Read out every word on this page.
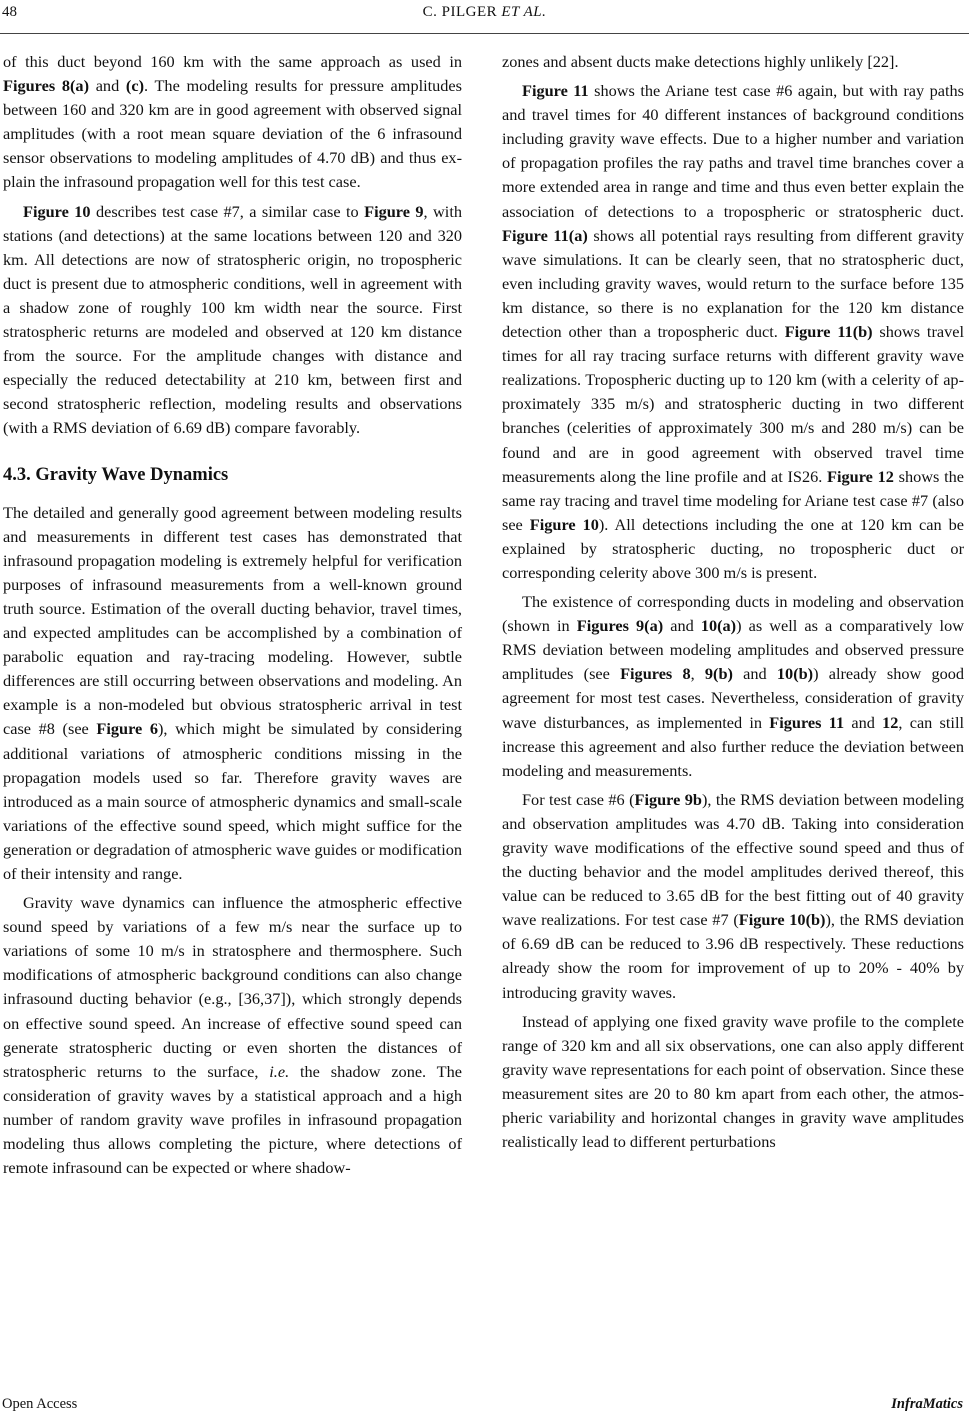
48	C. PILGER ET AL.

of this duct beyond 160 km with the same approach as used in Figures 8(a) and (c). The modeling results for pressure amplitudes between 160 and 320 km are in good agreement with observed signal amplitudes (with a root mean square deviation of the 6 infrasound sensor observations to modeling amplitudes of 4.70 dB) and thus explain the infrasound propagation well for this test case.

Figure 10 describes test case #7, a similar case to Figure 9, with stations (and detections) at the same locations between 120 and 320 km. All detections are now of stratospheric origin, no tropospheric duct is present due to atmospheric conditions, well in agreement with a shadow zone of roughly 100 km width near the source. First stratospheric returns are modeled and observed at 120 km distance from the source. For the amplitude changes with distance and especially the reduced detectability at 210 km, between first and second stratospheric reflection, modeling results and observations (with a RMS deviation of 6.69 dB) compare favorably.

4.3. Gravity Wave Dynamics

The detailed and generally good agreement between modeling results and measurements in different test cases has demonstrated that infrasound propagation modeling is extremely helpful for verification purposes of infrasound measurements from a well-known ground truth source. Estimation of the overall ducting behavior, travel times, and expected amplitudes can be accomplished by a combination of parabolic equation and ray-tracing modeling. However, subtle differences are still occurring between observations and modeling. An example is a non-modeled but obvious stratospheric arrival in test case #8 (see Figure 6), which might be simulated by considering additional variations of atmospheric conditions missing in the propagation models used so far. Therefore gravity waves are introduced as a main source of atmospheric dynamics and small-scale variations of the effective sound speed, which might suffice for the generation or degradation of atmospheric wave guides or modification of their intensity and range.

Gravity wave dynamics can influence the atmospheric effective sound speed by variations of a few m/s near the surface up to variations of some 10 m/s in stratosphere and thermosphere. Such modifications of atmospheric background conditions can also change infrasound ducting behavior (e.g., [36,37]), which strongly depends on effective sound speed. An increase of effective sound speed can generate stratospheric ducting or even shorten the distances of stratospheric returns to the surface, i.e. the shadow zone. The consideration of gravity waves by a statistical approach and a high number of random gravity wave profiles in infrasound propagation modeling thus allows completing the picture, where detections of remote infrasound can be expected or where shadow-

zones and absent ducts make detections highly unlikely [22].

Figure 11 shows the Ariane test case #6 again, but with ray paths and travel times for 40 different instances of background conditions including gravity wave effects. Due to a higher number and variation of propagation profiles the ray paths and travel time branches cover a more extended area in range and time and thus even better explain the association of detections to a tropospheric or stratospheric duct. Figure 11(a) shows all potential rays resulting from different gravity wave simulations. It can be clearly seen, that no stratospheric duct, even including gravity waves, would return to the surface before 135 km distance, so there is no explanation for the 120 km distance detection other than a tropospheric duct. Figure 11(b) shows travel times for all ray tracing surface returns with different gravity wave realizations. Tropospheric ducting up to 120 km (with a celerity of approximately 335 m/s) and stratospheric ducting in two different branches (celerities of approximately 300 m/s and 280 m/s) can be found and are in good agreement with observed travel time measurements along the line profile and at IS26. Figure 12 shows the same ray tracing and travel time modeling for Ariane test case #7 (also see Figure 10). All detections including the one at 120 km can be explained by stratospheric ducting, no tropospheric duct or corresponding celerity above 300 m/s is present.

The existence of corresponding ducts in modeling and observation (shown in Figures 9(a) and 10(a)) as well as a comparatively low RMS deviation between modeling amplitudes and observed pressure amplitudes (see Figures 8, 9(b) and 10(b)) already show good agreement for most test cases. Nevertheless, consideration of gravity wave disturbances, as implemented in Figures 11 and 12, can still increase this agreement and also further reduce the deviation between modeling and measurements.

For test case #6 (Figure 9b), the RMS deviation between modeling and observation amplitudes was 4.70 dB. Taking into consideration gravity wave modifications of the effective sound speed and thus of the ducting behavior and the model amplitudes derived thereof, this value can be reduced to 3.65 dB for the best fitting out of 40 gravity wave realizations. For test case #7 (Figure 10(b)), the RMS deviation of 6.69 dB can be reduced to 3.96 dB respectively. These reductions already show the room for improvement of up to 20% - 40% by introducing gravity waves.

Instead of applying one fixed gravity wave profile to the complete range of 320 km and all six observations, one can also apply different gravity wave representations for each point of observation. Since these measurement sites are 20 to 80 km apart from each other, the atmospheric variability and horizontal changes in gravity wave amplitudes realistically lead to different perturbations

Open Access	InfraMatics
